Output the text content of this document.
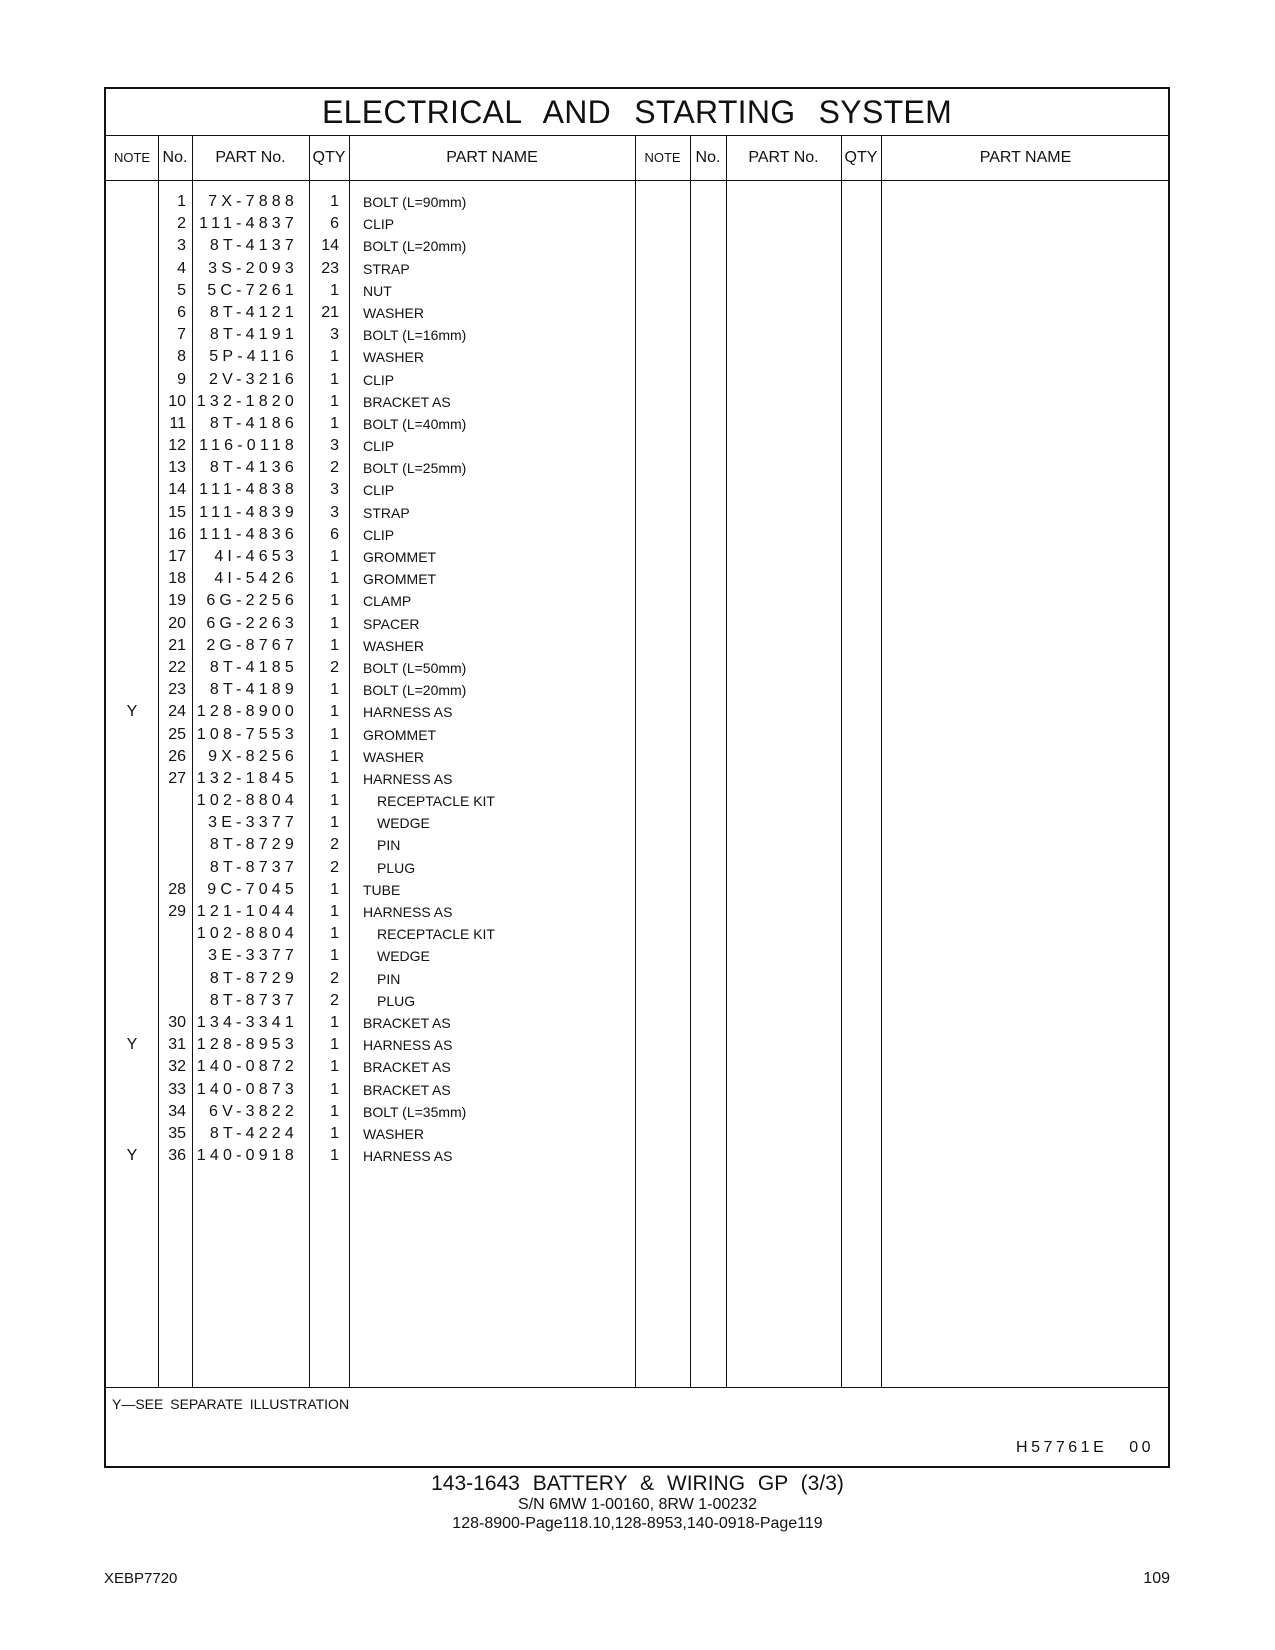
ELECTRICAL AND STARTING SYSTEM
NOTE No.	PART No.	QTY	PART NAME	NOTE No.	PART No.	QTY	PART NAME
1	7X-7888	1 BOLT (L=90mm)
2 111-4837	6 CLIP
3	8T-4137	14 BOLT (L=20mm)
4	3S-2093	23 STRAP
5	5C-7261	1 NUT
6	8T-4121	21 WASHER
7	8T-4191	3 BOLT (L=16mm)
8	5P-4116	1 WASHER
9	2V-3216	1 CLIP
10 132-1820	1 BRACKET AS
11	8T-4186	1 BOLT (L=40mm)
12 116-0118	3 CLIP
13	8T-4136	2 BOLT (L=25mm)
14 111-4838	3 CLIP
15 111-4839	3 STRAP
16 111-4836	6 CLIP
17	4I-4653	1 GROMMET
18	4I-5426	1 GROMMET
19	6G-2256	1 CLAMP
20	6G-2263	1 SPACER
21	2G-8767	1 WASHER
22	8T-4185	2 BOLT (L=50mm)
23	8T-4189	1 BOLT (L=20mm)
Y	24 128-8900	1 HARNESS AS
25 108-7553	1 GROMMET
26	9X-8256	1 WASHER
27 132-1845	1 HARNESS AS
102-8804	1	RECEPTACLE KIT
3E-3377	1	WEDGE
8T-8729	2	PIN
8T-8737	2	PLUG
28	9C-7045	1 TUBE
29 121-1044	1 HARNESS AS
102-8804	1	RECEPTACLE KIT
3E-3377	1	WEDGE
8T-8729	2	PIN
8T-8737	2	PLUG
30 134-3341	1 BRACKET AS
Y	31 128-8953	1 HARNESS AS
32 140-0872	1 BRACKET AS
33 140-0873	1 BRACKET AS
34	6V-3822	1 BOLT (L=35mm)
35	8T-4224	1 WASHER
Y	36 140-0918	1 HARNESS AS
Y—SEE SEPARATE ILLUSTRATION
H57761E 00
143-1643 BATTERY & WIRING GP (3/3)
S/N 6MW 1-00160, 8RW 1-00232
128-8900-Page118.10,128-8953,140-0918-Page119
XEBP7720	109
